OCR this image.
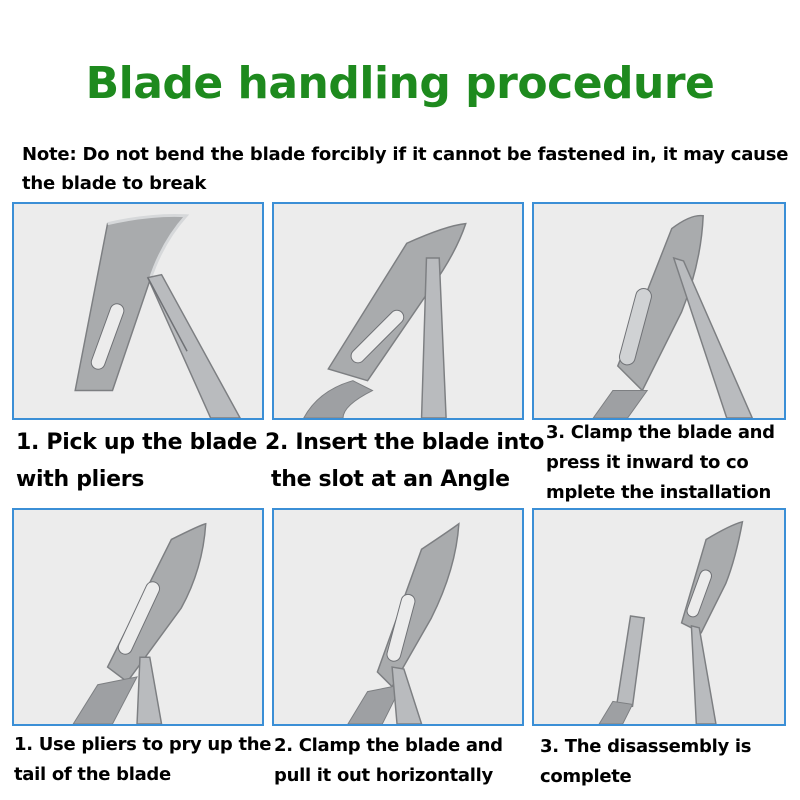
Blade handling procedure
Note: Do not bend the blade forcibly if it cannot be fastened in, it may cause
the blade to break
1. Pick up the blade
with pliers
2. Insert the blade into
the slot at an Angle
3. Clamp the blade and
press it inward to co
mplete the installation
1. Use pliers to pry up the
tail of the blade
2. Clamp the blade and
pull it out horizontally
3. The disassembly is
complete
